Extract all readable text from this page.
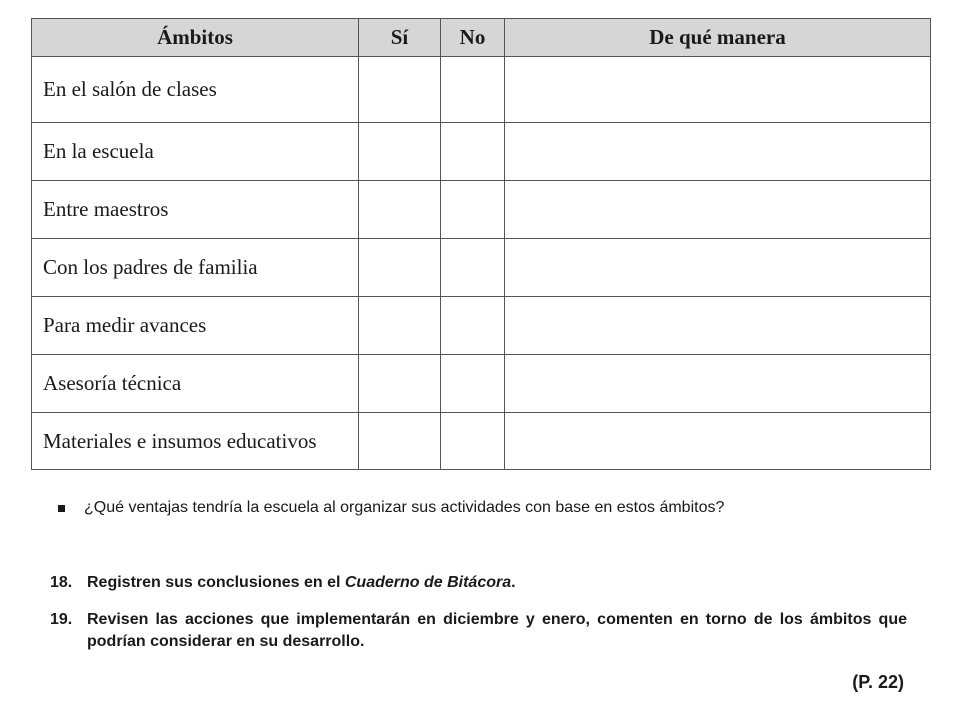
Ámbitos	Sí	No	De qué manera
En el salón de clases			
En la escuela			
Entre maestros			
Con los padres de familia			
Para medir avances			
Asesoría técnica			
Materiales e insumos educativos			
¿Qué ventajas tendría la escuela al organizar sus actividades con base en estos ámbitos?
18. Registren sus conclusiones en el Cuaderno de Bitácora.
19. Revisen las acciones que implementarán en diciembre y enero, comenten en torno de los ámbitos que podrían considerar en su desarrollo.
(P. 22)
